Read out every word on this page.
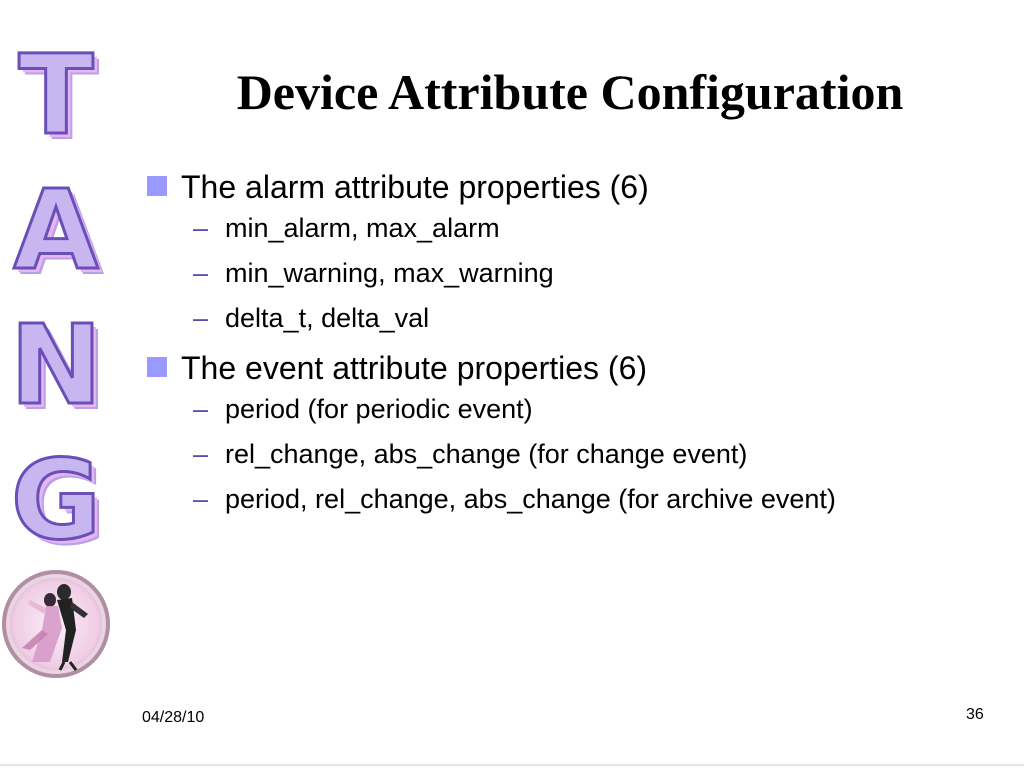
T
A
N
G
Device Attribute Configuration
The alarm attribute properties (6)
– min_alarm, max_alarm
– min_warning, max_warning
– delta_t, delta_val
The event attribute properties (6)
– period (for periodic event)
– rel_change, abs_change (for change event)
– period, rel_change, abs_change (for archive event)
04/28/10	36
